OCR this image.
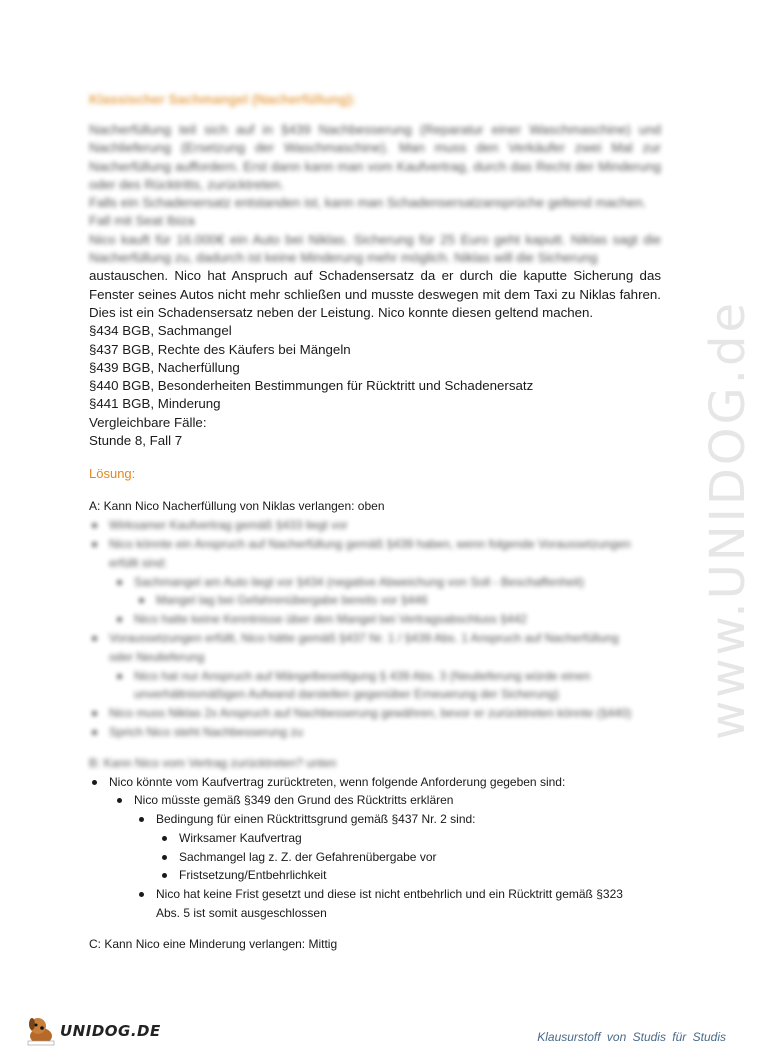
www.UNIDOG.de
Klassischer Sachmangel (Nacherfüllung):

Nacherfüllung teil sich auf in §439 Nachbesserung (Reparatur einer Waschmaschine) und Nachlieferung (Ersetzung der Waschmaschine). Man muss den Verkäufer zwei Mal zur Nacherfüllung auffordern. Erst dann kann man vom Kaufvertrag, durch das Recht der Minderung oder des Rücktritts, zurücktreten.

Falls ein Schadenersatz entstanden ist, kann man Schadensersatzansprüche geltend machen.

Fall mit Seat Ibiza

Nico kauft für 16.000€ ein Auto bei Niklas. Sicherung für 25 Euro geht kaputt. Niklas sagt die Nacherfüllung zu, dadurch ist keine Minderung mehr möglich. Niklas will die Sicherung

austauschen. Nico hat Anspruch auf Schadensersatz da er durch die kaputte Sicherung das Fenster seines Autos nicht mehr schließen und musste deswegen mit dem Taxi zu Niklas fahren. Dies ist ein Schadensersatz neben der Leistung. Nico konnte diesen geltend machen.

§434 BGB, Sachmangel

§437 BGB, Rechte des Käufers bei Mängeln

§439 BGB, Nacherfüllung

§440 BGB, Besonderheiten Bestimmungen für Rücktritt und Schadenersatz

§441 BGB, Minderung

Vergleichbare Fälle:

Stunde 8, Fall 7

Lösung:

A: Kann Nico Nacherfüllung von Niklas verlangen: oben

Wirksamer Kaufvertrag gemäß §433 liegt vor
Nico könnte ein Anspruch auf Nacherfüllung gemäß §439 haben, wenn folgende Voraussetzungen
erfüllt sind:
Sachmangel am Auto liegt vor §434 (negative Abweichung von Soll - Beschaffenheit)
Mangel lag bei Gefahrenübergabe bereits vor §446
Nico hatte keine Kenntnisse über den Mangel bei Vertragsabschluss §442
Voraussetzungen erfüllt, Nico hätte gemäß §437 Nr. 1 / §439 Abs. 1 Anspruch auf Nacherfüllung
oder Neulieferung
Nico hat nur Anspruch auf Mängelbeseitigung § 439 Abs. 3 (Neulieferung würde einen
unverhältnismäßigen Aufwand darstellen gegenüber Erneuerung der Sicherung)
Nico muss Niklas 2x Anspruch auf Nachbesserung gewähren, bevor er zurücktreten könnte (§440)
Sprich Nico steht Nachbesserung zu

B: Kann Nico vom Vertrag zurücktreten? unten

Nico könnte vom Kaufvertrag zurücktreten, wenn folgende Anforderung gegeben sind:
Nico müsste gemäß §349 den Grund des Rücktritts erklären
Bedingung für einen Rücktrittsgrund gemäß §437 Nr. 2 sind:
Wirksamer Kaufvertrag
Sachmangel lag z. Z. der Gefahrenübergabe vor
Fristsetzung/Entbehrlichkeit
Nico hat keine Frist gesetzt und diese ist nicht entbehrlich und ein Rücktritt gemäß §323
Abs. 5 ist somit ausgeschlossen

C: Kann Nico eine Minderung verlangen: Mittig

UNIDOG.DE	Klausurstoff von Studis für Studis
